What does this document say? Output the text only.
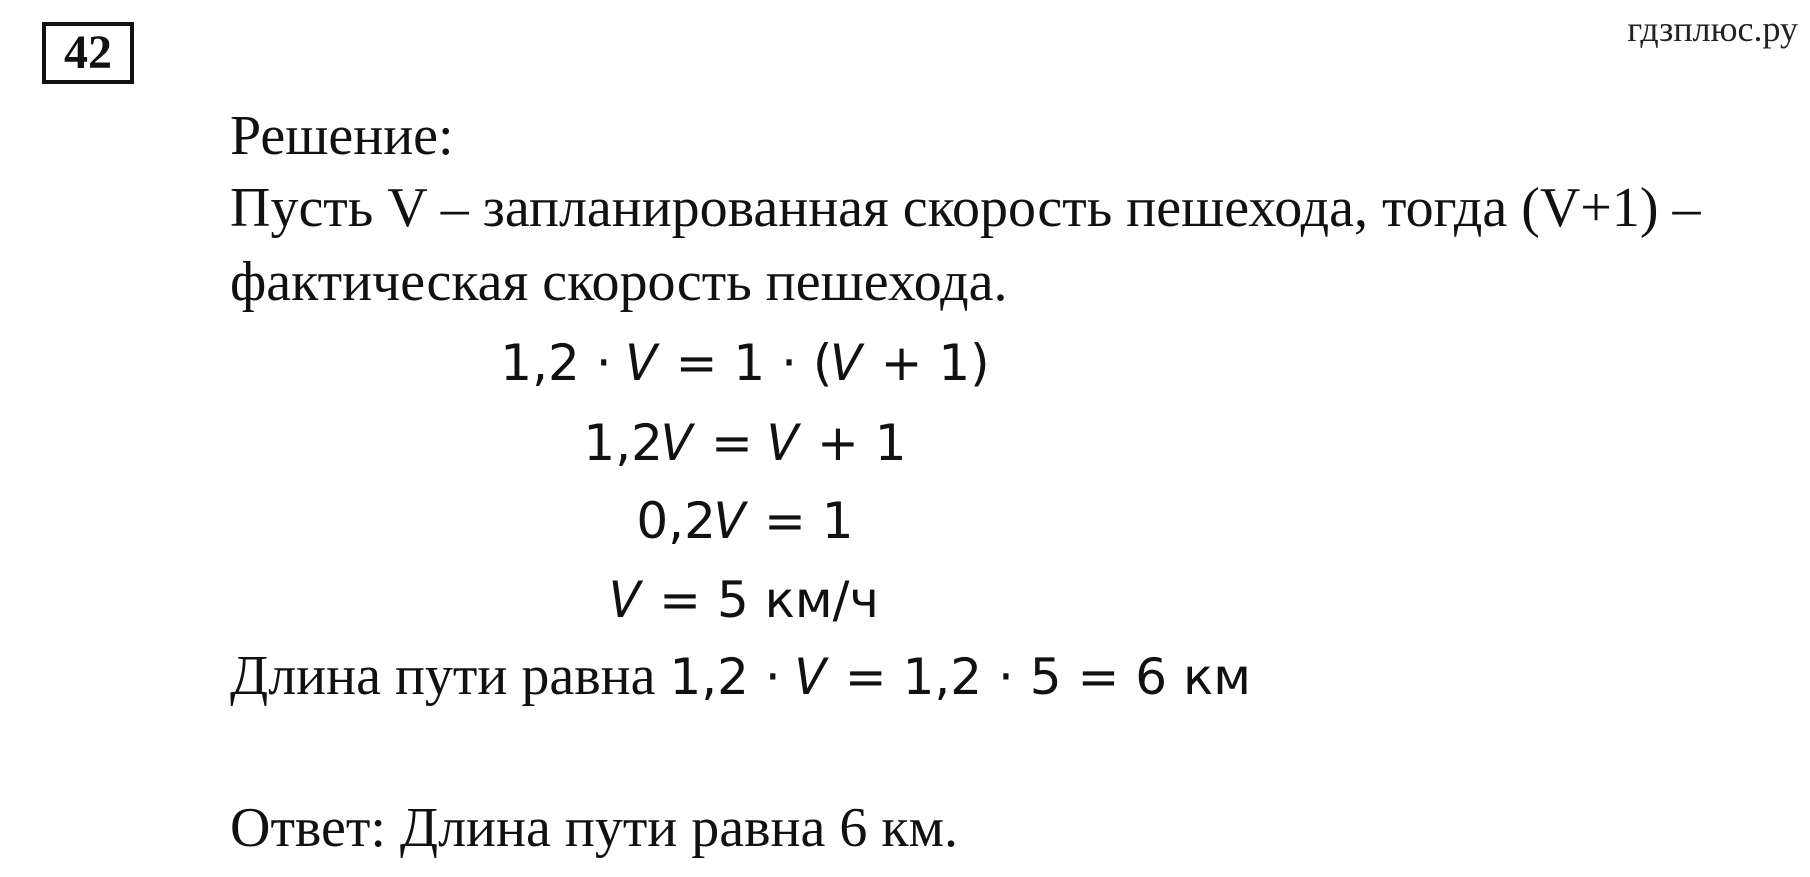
42	гдзплюс.ру
Решение:
Пусть V – запланированная скорость пешехода, тогда (V+1) –
фактическая скорость пешехода.
1,2 · 𝑉 = 1 · (𝑉 + 1)
1,2𝑉 = 𝑉 + 1
0,2𝑉 = 1
𝑉 = 5 км/ч
Длина пути равна 1,2 · 𝑉 = 1,2 · 5 = 6 км
Ответ: Длина пути равна 6 км.
